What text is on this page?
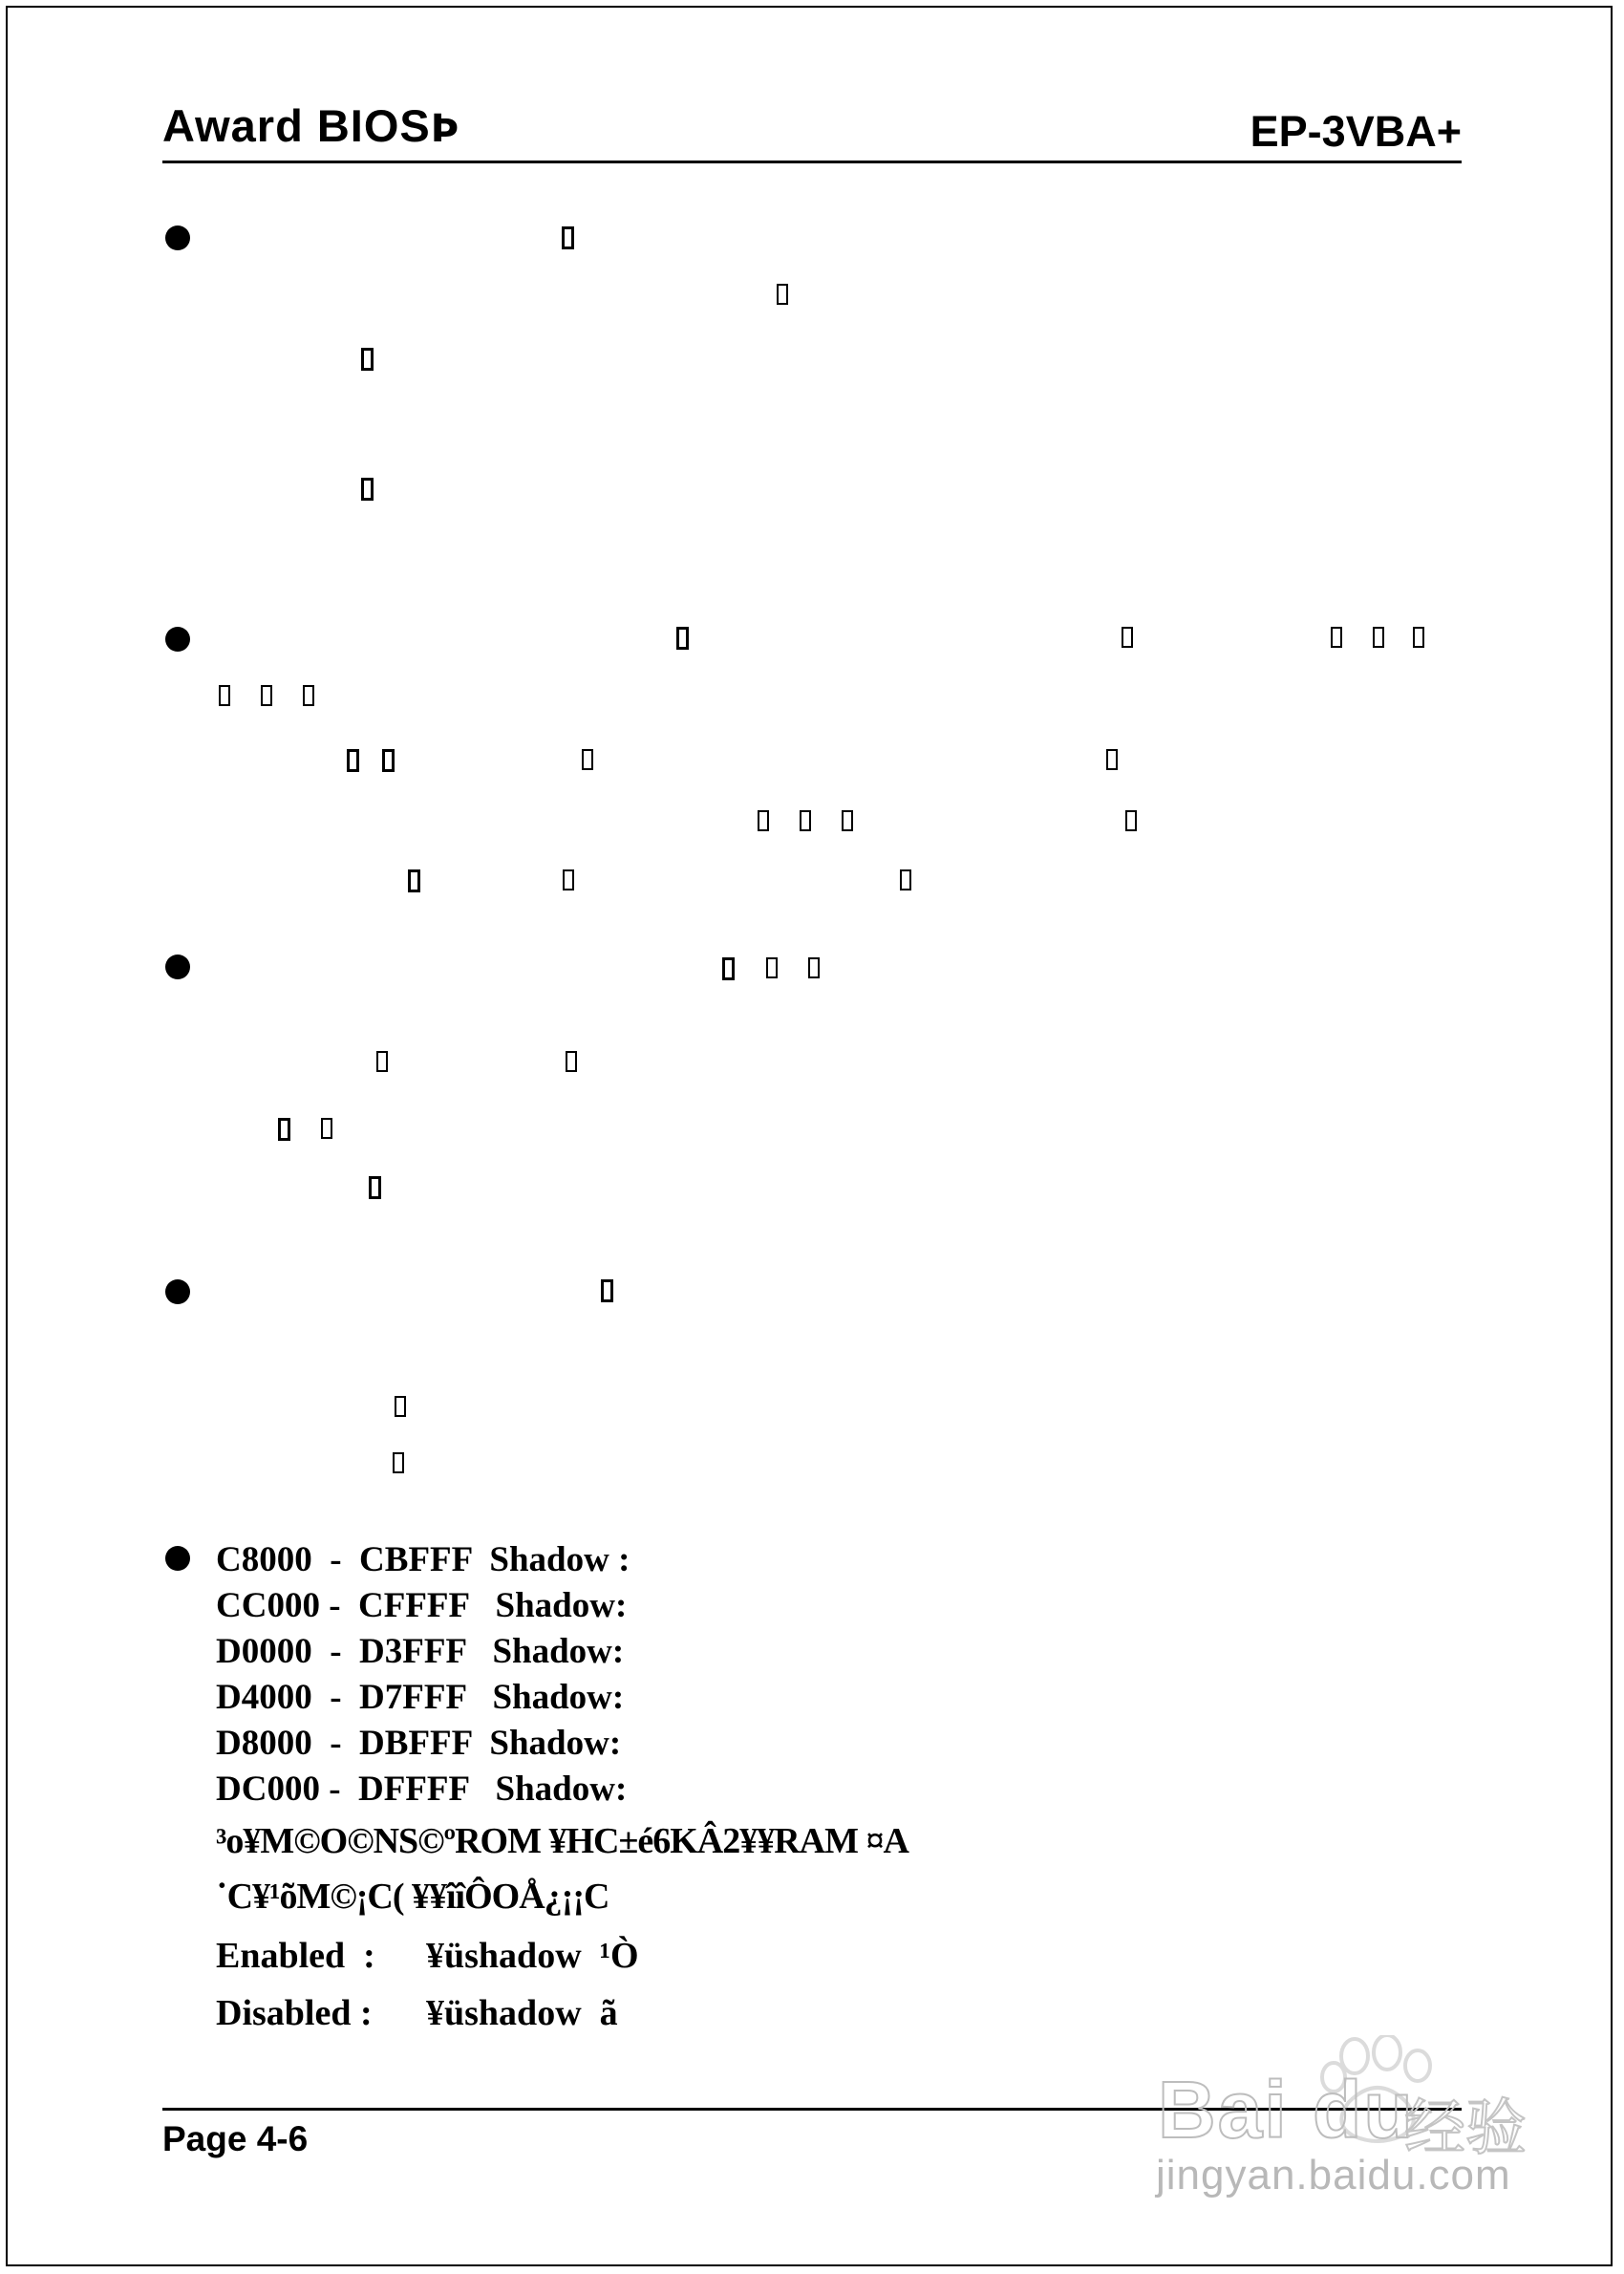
Award BIOSÞ	EP-3VBA+
C8000  -  CBFFF  Shadow :
CC000 -  CFFFF   Shadow:
D0000  -  D3FFF   Shadow:
D4000  -  D7FFF   Shadow:
D8000  -  DBFFF  Shadow:
DC000 -  DFFFF   Shadow:
³o¥M©O©NS©ºROM ¥HC±é6KÂ2¥¥RAM ¤A
˙C¥¹õM©¡C( ¥¥îîÔOÅ¿¡¡C
Enabled  : ¥üshadow  ¹Ò
Disabled : ¥üshadow  ã
Page 4-6	Bai du
经验
jingyan.baidu.com
